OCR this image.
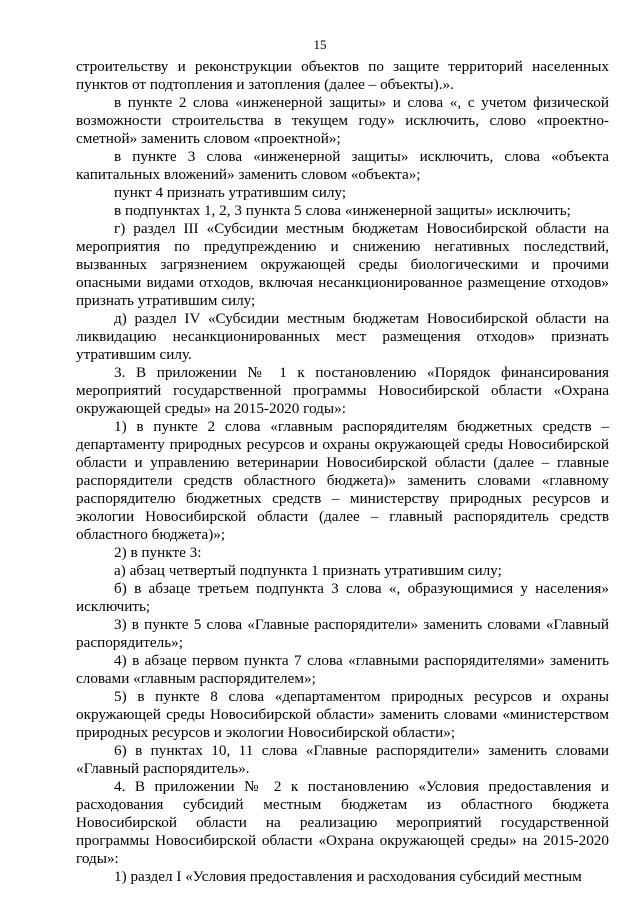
15

строительству и реконструкции объектов по защите территорий населенных пунктов от подтопления и затопления (далее – объекты).».

в пункте 2 слова «инженерной защиты» и слова «, с учетом физической возможности строительства в текущем году» исключить, слово «проектно-сметной» заменить словом «проектной»;

в пункте 3 слова «инженерной защиты» исключить, слова «объекта капитальных вложений» заменить словом «объекта»;

пункт 4 признать утратившим силу;

в подпунктах 1, 2, 3 пункта 5 слова «инженерной защиты» исключить;

г) раздел III «Субсидии местным бюджетам Новосибирской области на мероприятия по предупреждению и снижению негативных последствий, вызванных загрязнением окружающей среды биологическими и прочими опасными видами отходов, включая несанкционированное размещение отходов» признать утратившим силу;

д) раздел IV «Субсидии местным бюджетам Новосибирской области на ликвидацию несанкционированных мест размещения отходов» признать утратившим силу.

3. В приложении № 1 к постановлению «Порядок финансирования мероприятий государственной программы Новосибирской области «Охрана окружающей среды» на 2015-2020 годы»:

1) в пункте 2 слова «главным распорядителям бюджетных средств – департаменту природных ресурсов и охраны окружающей среды Новосибирской области и управлению ветеринарии Новосибирской области (далее – главные распорядители средств областного бюджета)» заменить словами «главному распорядителю бюджетных средств – министерству природных ресурсов и экологии Новосибирской области (далее – главный распорядитель средств областного бюджета)»;

2) в пункте 3:

а) абзац четвертый подпункта 1 признать утратившим силу;

б) в абзаце третьем подпункта 3 слова «, образующимися у населения» исключить;

3) в пункте 5 слова «Главные распорядители» заменить словами «Главный распорядитель»;

4) в абзаце первом пункта 7 слова «главными распорядителями» заменить словами «главным распорядителем»;

5) в пункте 8 слова «департаментом природных ресурсов и охраны окружающей среды Новосибирской области» заменить словами «министерством природных ресурсов и экологии Новосибирской области»;

6) в пунктах 10, 11 слова «Главные распорядители» заменить словами «Главный распорядитель».

4. В приложении № 2 к постановлению «Условия предоставления и расходования субсидий местным бюджетам из областного бюджета Новосибирской области на реализацию мероприятий государственной программы Новосибирской области «Охрана окружающей среды» на 2015-2020 годы»:

1) раздел I «Условия предоставления и расходования субсидий местным
